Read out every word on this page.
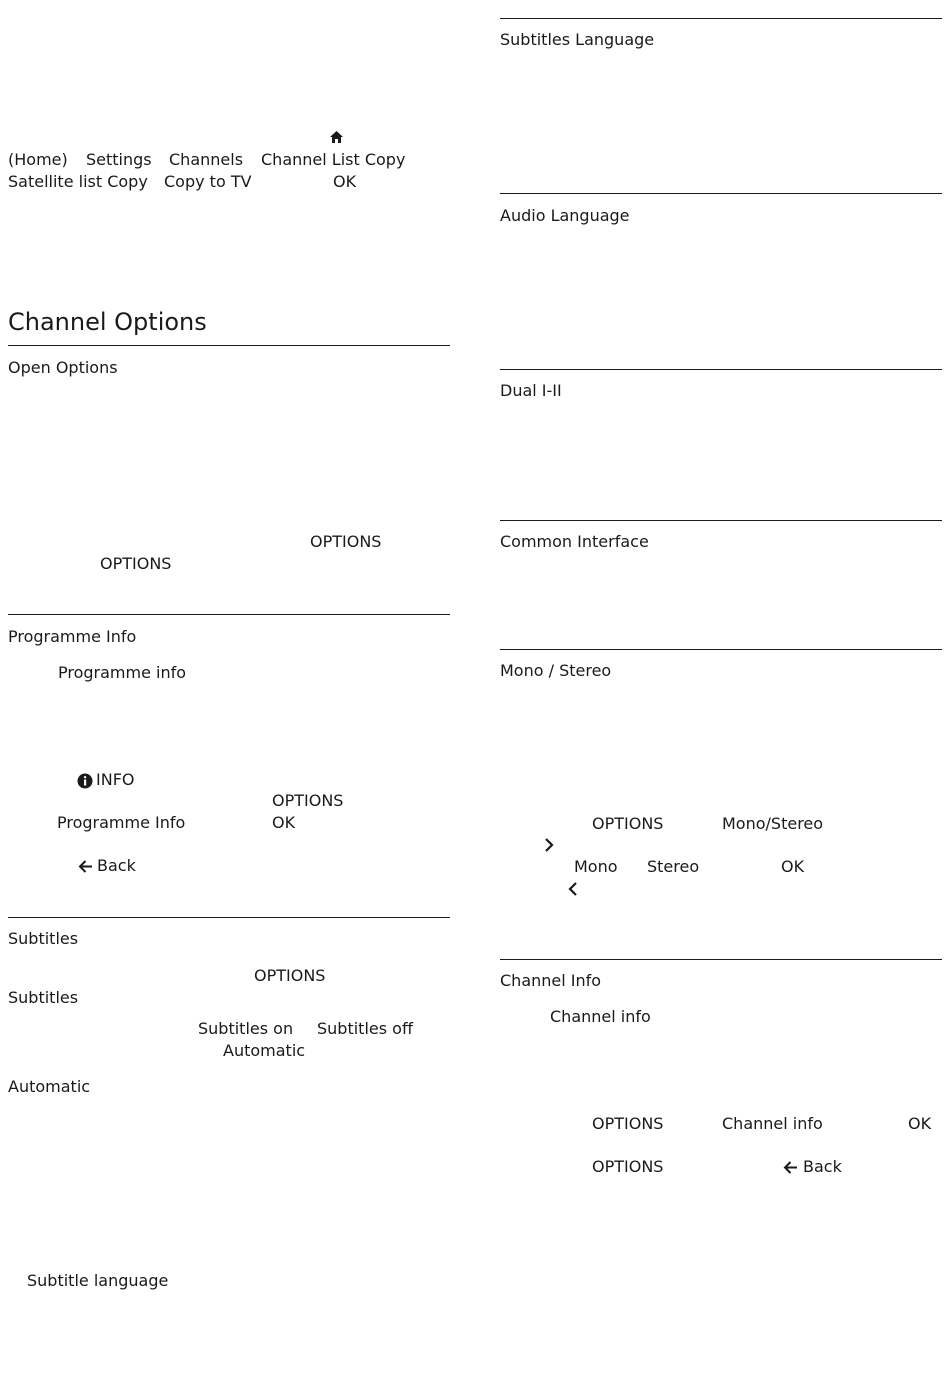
(Home) Settings Channels Channel List Copy
Satellite list Copy Copy to TV	OK
Channel Options
Open Options
OPTIONS
OPTIONS
Programme Info
Programme info
INFO
OPTIONS
Programme Info	OK
Back
Subtitles
OPTIONS
Subtitles
Subtitles on Subtitles off
Automatic
Automatic
Subtitle language
Subtitles Language
Audio Language
Dual I-II
Common Interface
Mono / Stereo
OPTIONS	Mono/Stereo
Mono Stereo	OK
Channel Info
Channel info
OPTIONS	Channel info	OK
OPTIONS	Back
